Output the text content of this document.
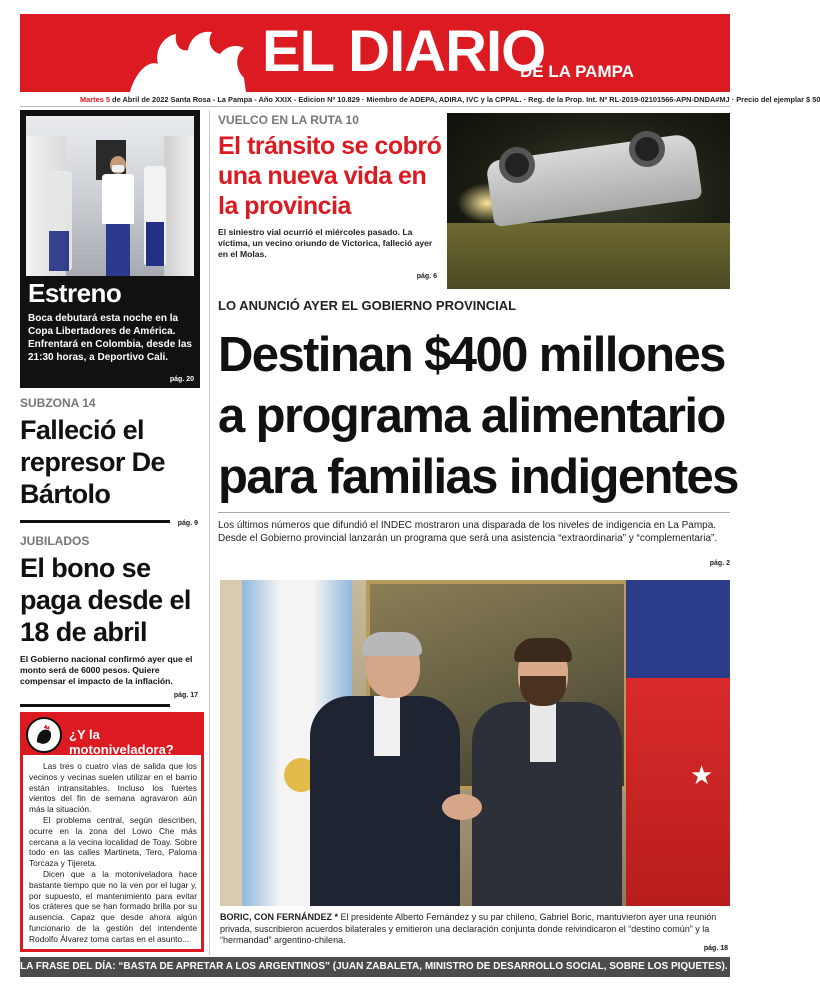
EL DIARIO
DE LA PAMPA
Martes 5 de Abril de 2022 Santa Rosa - La Pampa - Año XXIX - Edicion Nº 10.829 · Miembro de ADEPA, ADIRA, IVC y la CPPAL. · Reg. de la Prop. Int. Nº RL-2019-02101566-APN-DNDA#MJ · Precio del ejemplar $ 50
Estreno
Boca debutará esta noche en la Copa Libertadores de América. Enfrentará en Colombia, desde las 21:30 horas, a Deportivo Cali.
pág. 20
SUBZONA 14
Falleció el represor De Bártolo
pág. 9
JUBILADOS
El bono se paga desde el 18 de abril
El Gobierno nacional confirmó ayer que el monto será de 6000 pesos. Quiere compensar el impacto de la inflación.
pág. 17
¿Y la motoniveladora?

Las tres o cuatro vías de salida que los vecinos y vecinas suelen utilizar en el barrio están intransitables. Incluso los fuertes vientos del fin de semana agravaron aún más la situación.

El problema central, según describen, ocurre en la zona del Lowo Che más cercana a la vecina localidad de Toay. Sobre todo en las calles Martineta, Tero, Paloma Torcaza y Tijereta.

Dicen que a la motoniveladora hace bastante tiempo que no la ven por el lugar y, por supuesto, el mantenimiento para evitar los cráteres que se han formado brilla por su ausencia. Capaz que desde ahora algún funcionario de la gestión del intendente Rodolfo Álvarez toma cartas en el asunto...

VUELCO EN LA RUTA 10
El tránsito se cobró una nueva vida en la provincia
El siniestro vial ocurrió el miércoles pasado. La víctima, un vecino oriundo de Victorica, falleció ayer en el Molas.
pág. 6
LO ANUNCIÓ AYER EL GOBIERNO PROVINCIAL
Destinan $400 millones
a programa alimentario
para familias indigentes
Los últimos números que difundió el INDEC mostraron una disparada de los niveles de indigencia en La Pampa. Desde el Gobierno provincial lanzarán un programa que será una asistencia “extraordinaria” y “complementaria”.
pág. 2
★
BORIC, CON FERNÁNDEZ * El presidente Alberto Fernández y su par chileno, Gabriel Boric, mantuvieron ayer una reunión privada, suscribieron acuerdos bilaterales y emitieron una declaración conjunta donde reivindicaron el “destino común” y la “hermandad” argentino-chilena.
pág. 18
LA FRASE DEL DÍA: “BASTA DE APRETAR A LOS ARGENTINOS” (JUAN ZABALETA, MINISTRO DE DESARROLLO SOCIAL, SOBRE LOS PIQUETES). pág. 18
